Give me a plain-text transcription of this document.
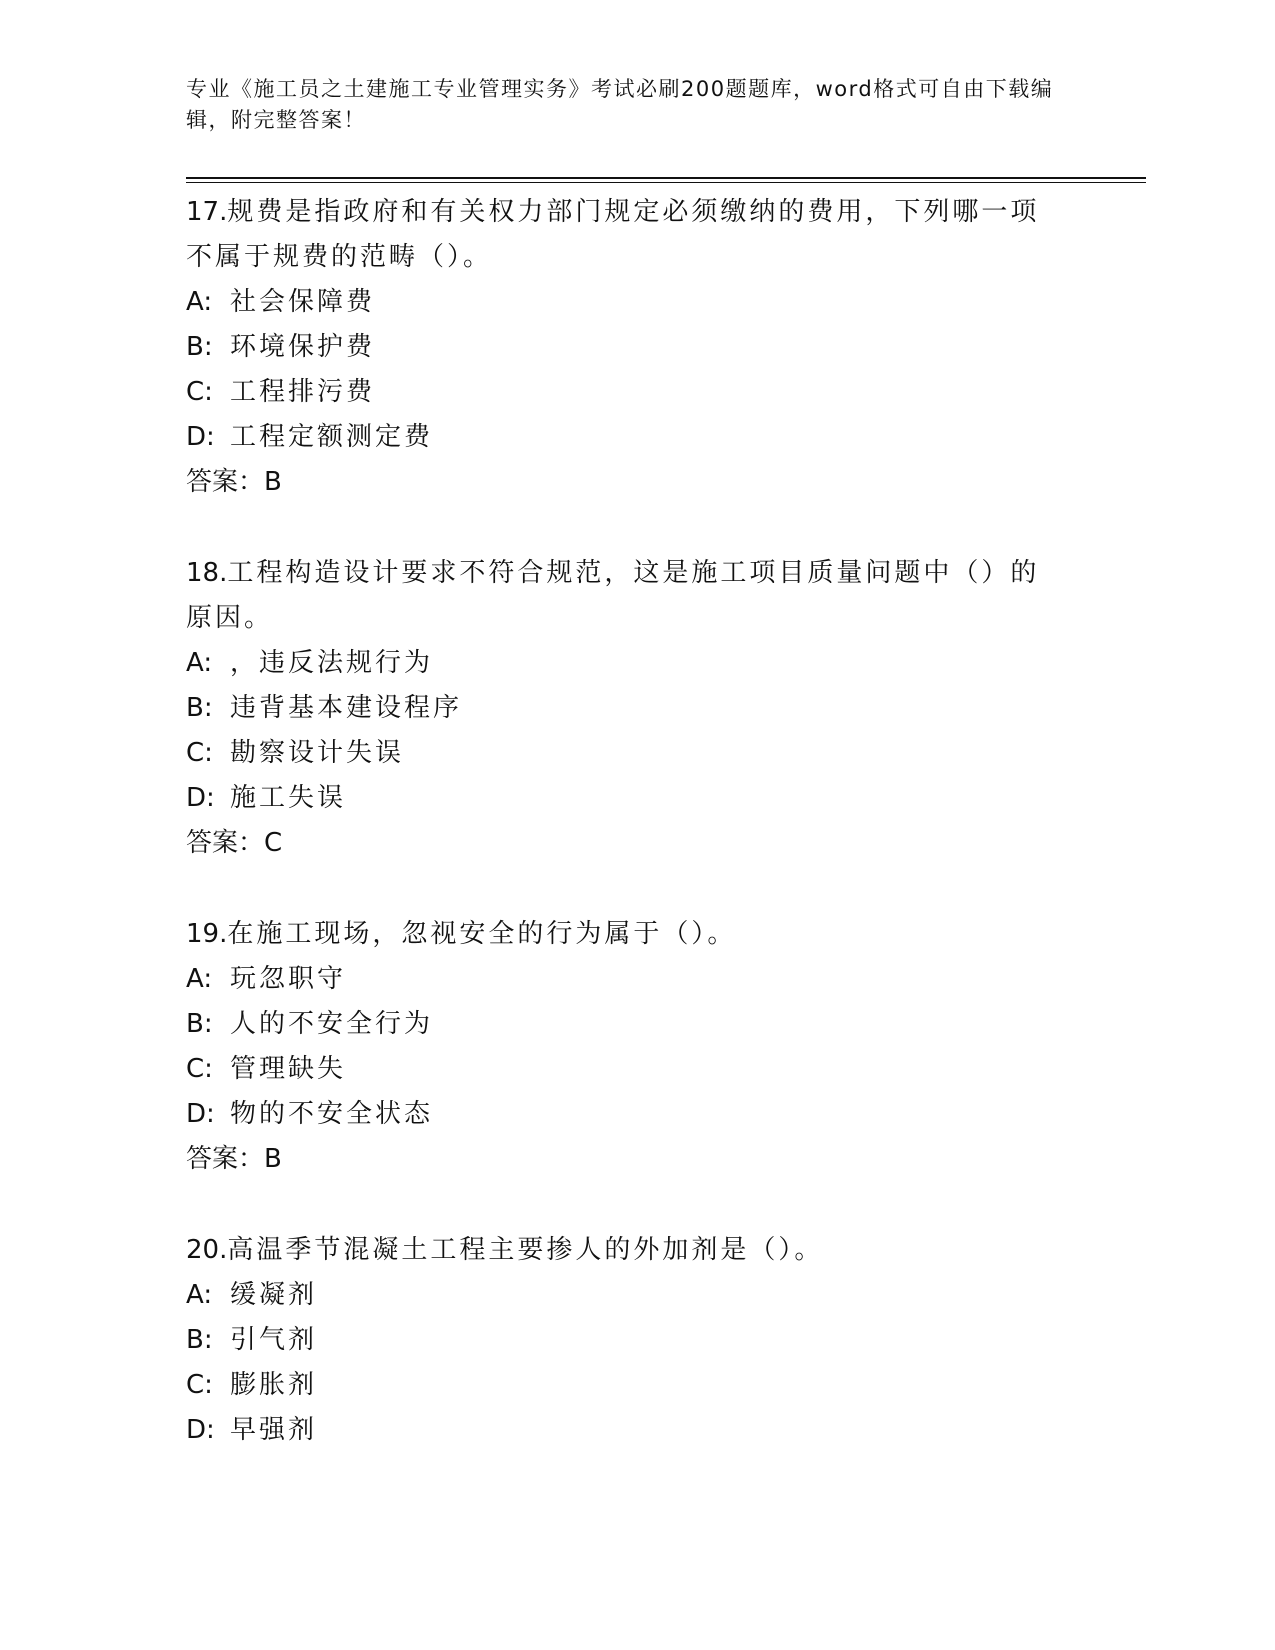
专业《施工员之土建施工专业管理实务》考试必刷200题题库，word格式可自由下载编辑，附完整答案！

17.规费是指政府和有关权力部门规定必须缴纳的费用，下列哪一项不属于规费的范畴（）。

A: 社会保障费

B: 环境保护费

C: 工程排污费

D: 工程定额测定费

答案：B

18.工程构造设计要求不符合规范，这是施工项目质量问题中（）的原因。

A: ，违反法规行为

B: 违背基本建设程序

C: 勘察设计失误

D: 施工失误

答案：C

19.在施工现场，忽视安全的行为属于（）。

A: 玩忽职守

B: 人的不安全行为

C: 管理缺失

D: 物的不安全状态

答案：B

20.高温季节混凝土工程主要掺人的外加剂是（）。

A: 缓凝剂

B: 引气剂

C: 膨胀剂

D: 早强剂
